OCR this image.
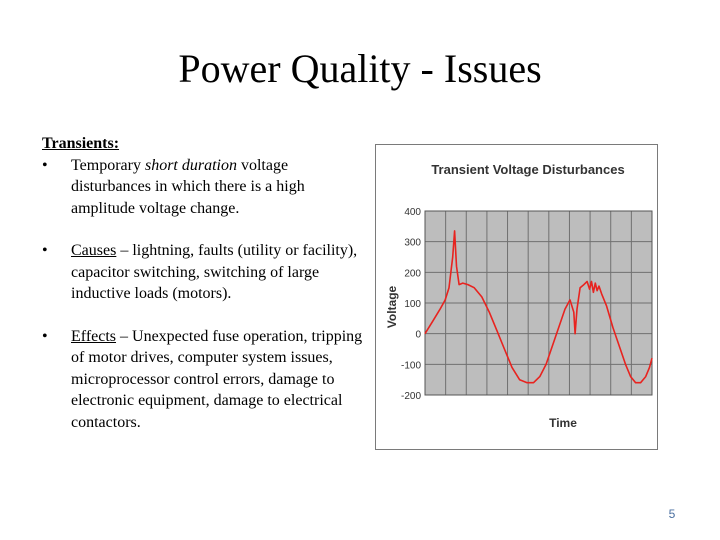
Power Quality - Issues

Transients:

• Temporary short duration voltage disturbances in which there is a high amplitude voltage change.

• Causes – lightning, faults (utility or facility), capacitor switching, switching of large inductive loads (motors).

• Effects – Unexpected fuse operation, tripping of motor drives, computer system issues, microprocessor control errors, damage to electronic equipment, damage to electrical contactors.

Transient Voltage Disturbances
Voltage
Time
400
300
200
100
0
-100
-200
5
